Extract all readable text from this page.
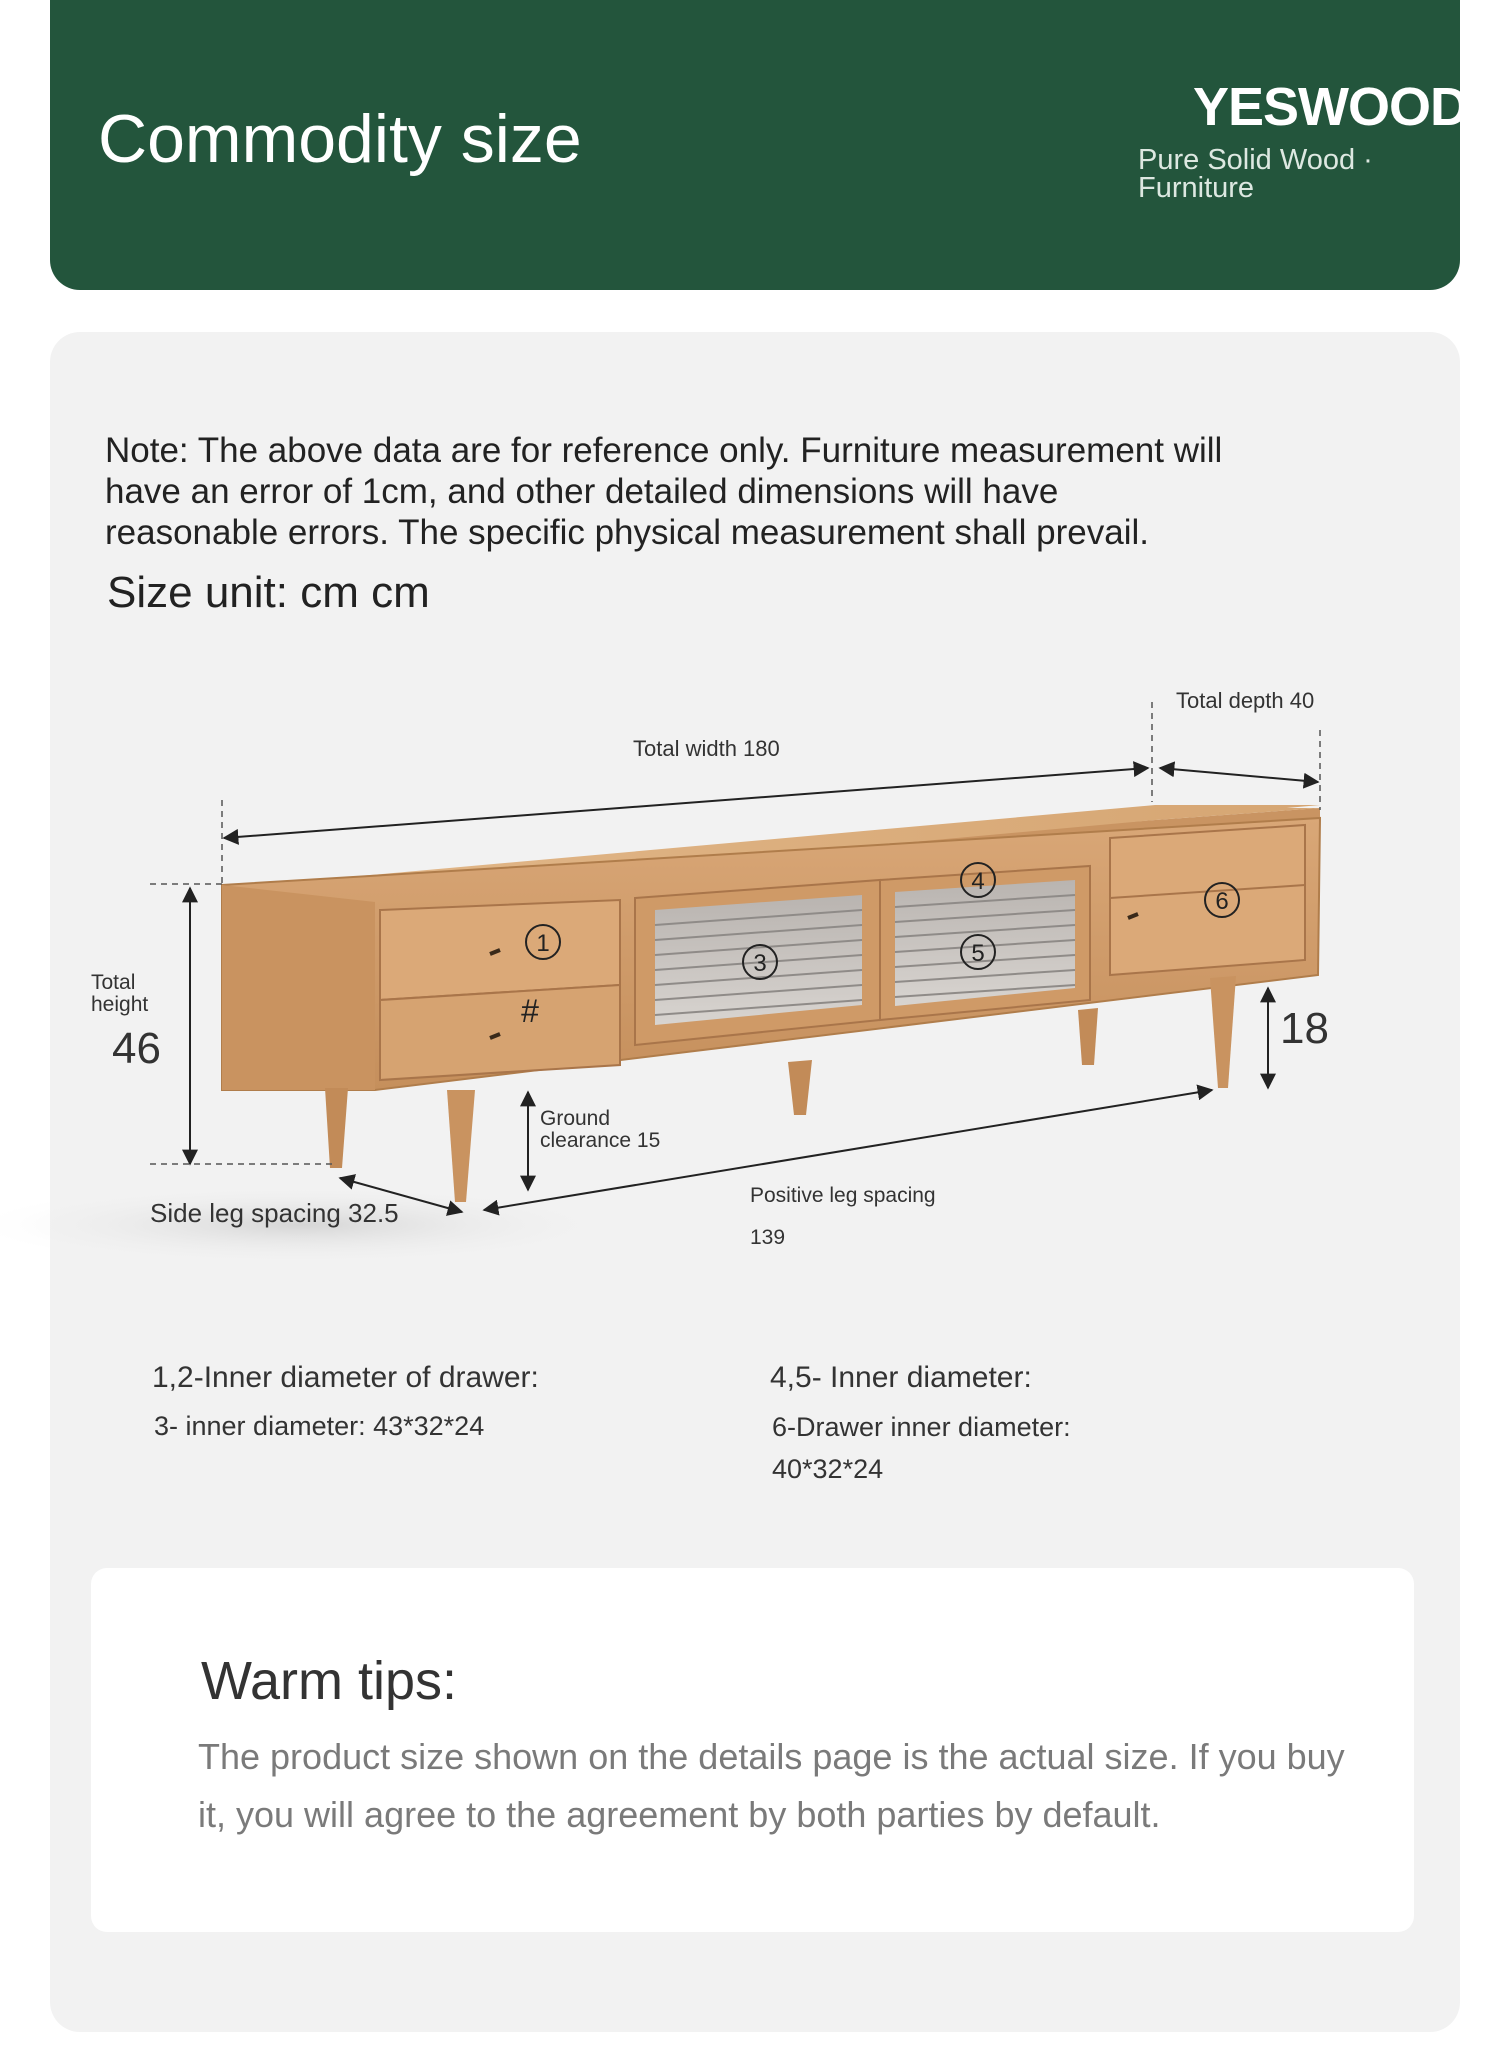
Commodity size	YESWOOD
Pure Solid Wood · Furniture
Note: The above data are for reference only. Furniture measurement will have an error of 1cm, and other detailed dimensions will have reasonable errors. The specific physical measurement shall prevail.
Size unit: cm cm
1
#
3
4
5
6
Total width 180
Total depth 40
Total height
46	18
Ground clearance 15
Side leg spacing 32.5
Positive leg spacing
139
1,2-Inner diameter of drawer:
3- inner diameter: 43*32*24
4,5- Inner diameter:
6-Drawer inner diameter:
40*32*24
Warm tips:
The product size shown on the details page is the actual size. If you buy it, you will agree to the agreement by both parties by default.
